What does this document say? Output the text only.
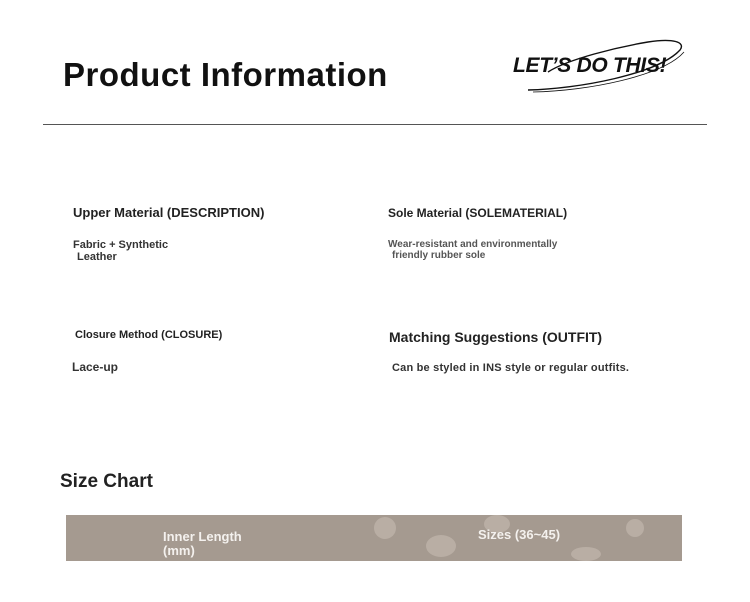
Product Information	LET’S DO THIS!
Upper Material (DESCRIPTION)
Fabric + Synthetic
Leather
Sole Material (SOLEMATERIAL)
Wear-resistant and environmentally
friendly rubber sole
Closure Method (CLOSURE)
Lace-up
Matching Suggestions (OUTFIT)
Can be styled in INS style or regular outfits.
Size Chart
Inner Length
(mm)
Sizes (36~45)
